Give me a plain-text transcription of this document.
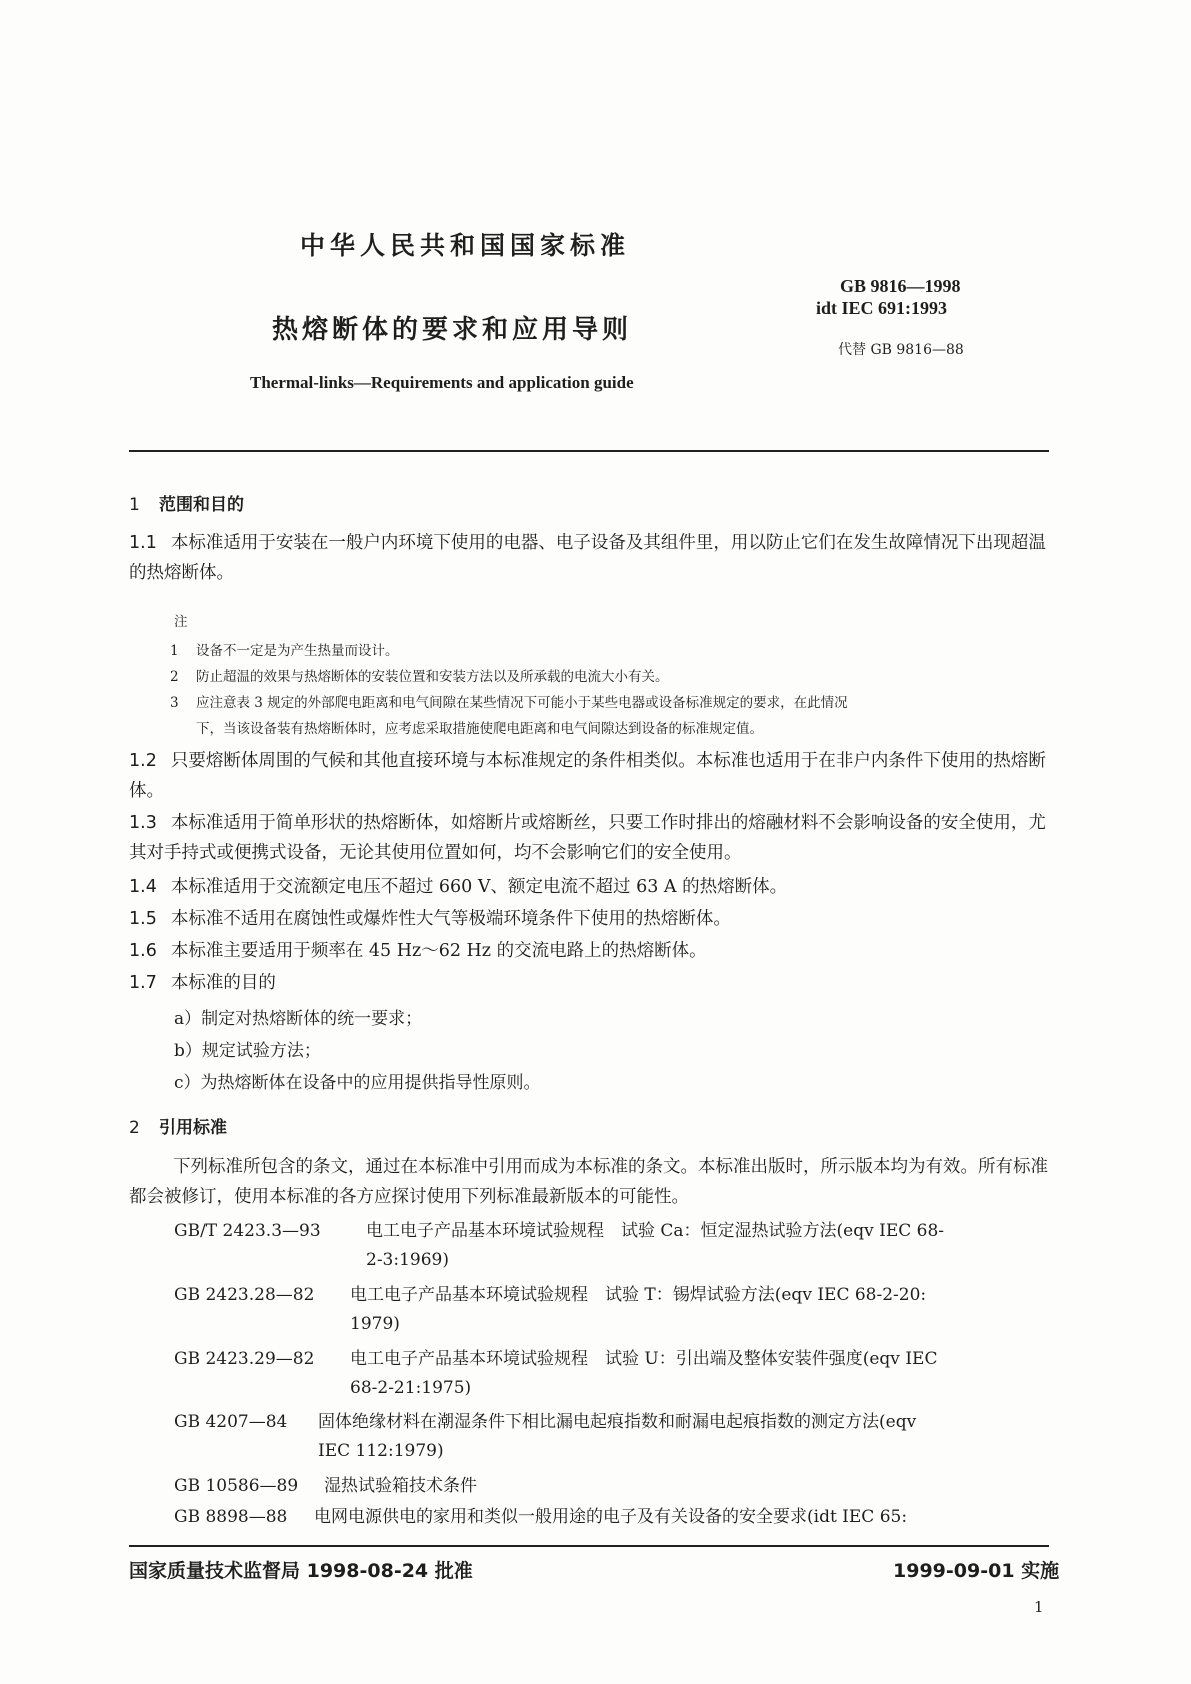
中华人民共和国国家标准
GB 9816—1998
idt IEC 691:1993
热熔断体的要求和应用导则
代替 GB 9816—88
Thermal-links—Requirements and application guide
1 范围和目的
1.1 本标准适用于安装在一般户内环境下使用的电器、电子设备及其组件里，用以防止它们在发生故障情况下出现超温的热熔断体。
注
1 设备不一定是为产生热量而设计。
2 防止超温的效果与热熔断体的安装位置和安装方法以及所承载的电流大小有关。
3 应注意表 3 规定的外部爬电距离和电气间隙在某些情况下可能小于某些电器或设备标准规定的要求，在此情况
下，当该设备装有热熔断体时，应考虑采取措施使爬电距离和电气间隙达到设备的标准规定值。
1.2 只要熔断体周围的气候和其他直接环境与本标准规定的条件相类似。本标准也适用于在非户内条件下使用的热熔断体。
1.3 本标准适用于简单形状的热熔断体，如熔断片或熔断丝，只要工作时排出的熔融材料不会影响设备的安全使用，尤其对手持式或便携式设备，无论其使用位置如何，均不会影响它们的安全使用。
1.4 本标准适用于交流额定电压不超过 660 V、额定电流不超过 63 A 的热熔断体。
1.5 本标准不适用在腐蚀性或爆炸性大气等极端环境条件下使用的热熔断体。
1.6 本标准主要适用于频率在 45 Hz～62 Hz 的交流电路上的热熔断体。
1.7 本标准的目的
a）制定对热熔断体的统一要求；
b）规定试验方法；
c）为热熔断体在设备中的应用提供指导性原则。
2 引用标准
下列标准所包含的条文，通过在本标准中引用而成为本标准的条文。本标准出版时，所示版本均为有效。所有标准都会被修订，使用本标准的各方应探讨使用下列标准最新版本的可能性。
GB/T 2423.3—93	电工电子产品基本环境试验规程　试验 Ca：恒定湿热试验方法(eqv IEC 68-
2-3:1969)
GB 2423.28—82 电工电子产品基本环境试验规程　试验 T：锡焊试验方法(eqv IEC 68-2-20:
1979)
GB 2423.29—82 电工电子产品基本环境试验规程　试验 U：引出端及整体安装件强度(eqv IEC
68-2-21:1975)
GB 4207—84 固体绝缘材料在潮湿条件下相比漏电起痕指数和耐漏电起痕指数的测定方法(eqv
IEC 112:1979)
GB 10586—89 湿热试验箱技术条件
GB 8898—88 电网电源供电的家用和类似一般用途的电子及有关设备的安全要求(idt IEC 65:
国家质量技术监督局 1998-08-24 批准	1999-09-01 实施
1
